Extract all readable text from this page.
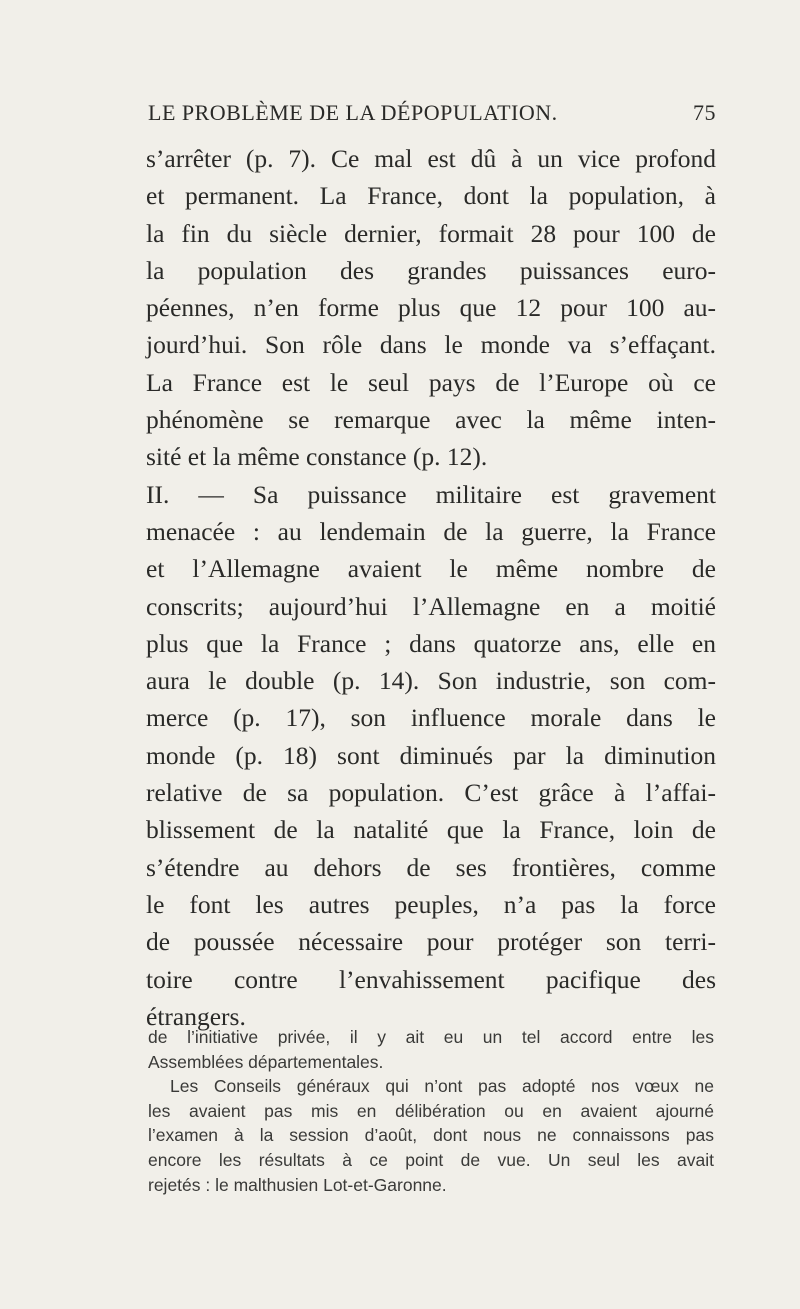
LE PROBLÈME DE LA DÉPOPULATION.	75
s’arrêter (p. 7). Ce mal est dû à un vice profond
et permanent. La France, dont la population, à
la fin du siècle dernier, formait 28 pour 100 de
la population des grandes puissances euro-
péennes, n’en forme plus que 12 pour 100 au-
jourd’hui. Son rôle dans le monde va s’effaçant.
La France est le seul pays de l’Europe où ce
phénomène se remarque avec la même inten-
sité et la même constance (p. 12).
II. — Sa puissance militaire est gravement
menacée : au lendemain de la guerre, la France
et l’Allemagne avaient le même nombre de
conscrits; aujourd’hui l’Allemagne en a moitié
plus que la France ; dans quatorze ans, elle en
aura le double (p. 14). Son industrie, son com-
merce (p. 17), son influence morale dans le
monde (p. 18) sont diminués par la diminution
relative de sa population. C’est grâce à l’affai-
blissement de la natalité que la France, loin de
s’étendre au dehors de ses frontières, comme
le font les autres peuples, n’a pas la force
de poussée nécessaire pour protéger son terri-
toire contre l’envahissement pacifique des
étrangers.
de l’initiative privée, il y ait eu un tel accord entre les
Assemblées départementales.
Les Conseils généraux qui n’ont pas adopté nos vœux ne
les avaient pas mis en délibération ou en avaient ajourné
l’examen à la session d’août, dont nous ne connaissons pas
encore les résultats à ce point de vue. Un seul les avait
rejetés : le malthusien Lot-et-Garonne.
